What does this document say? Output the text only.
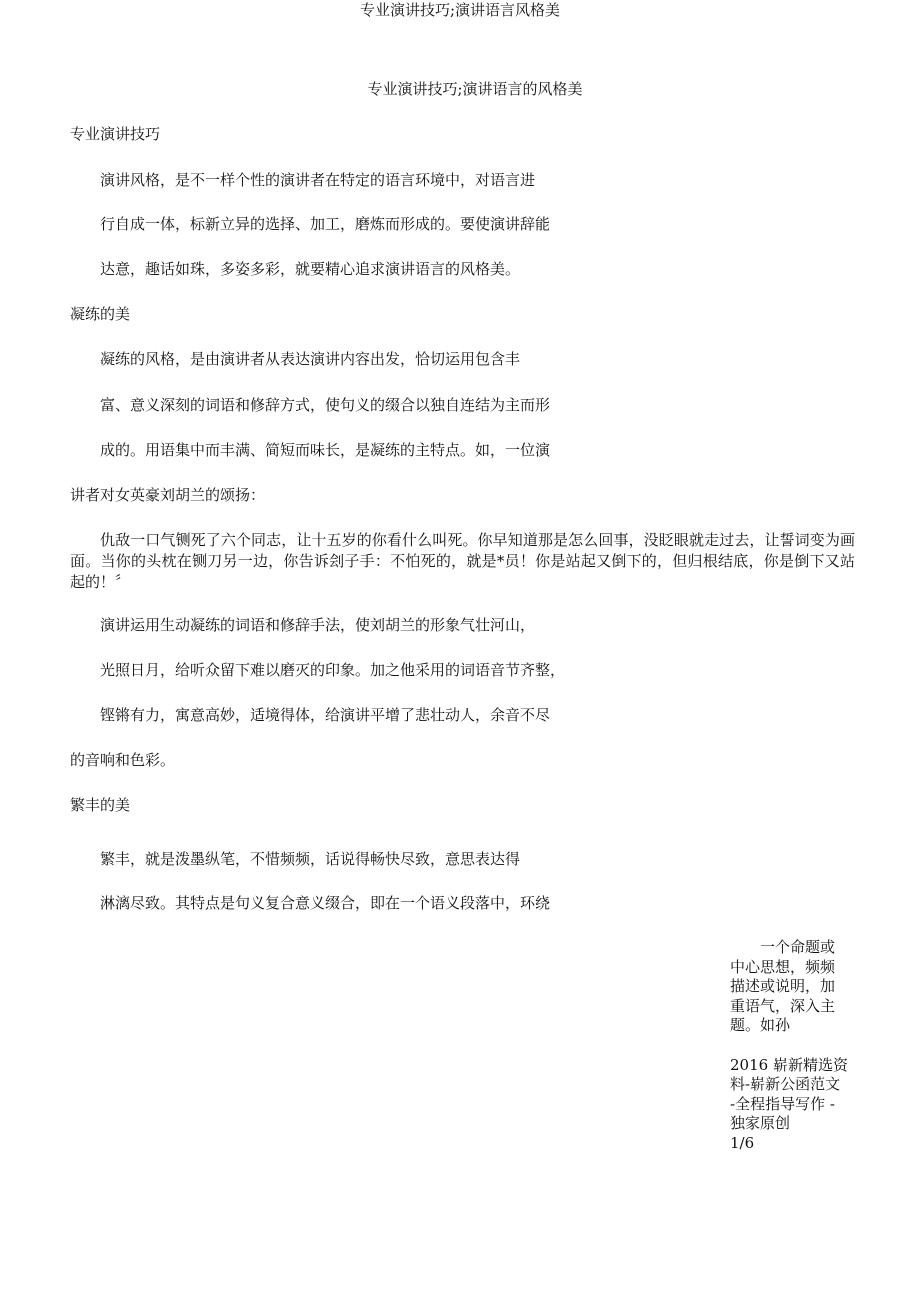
专业演讲技巧;演讲语言风格美
专业演讲技巧;演讲语言的风格美
专业演讲技巧
演讲风格，是不一样个性的演讲者在特定的语言环境中，对语言进
行自成一体，标新立异的选择、加工，磨炼而形成的。要使演讲辞能
达意，趣话如珠，多姿多彩，就要精心追求演讲语言的风格美。
凝练的美
凝练的风格，是由演讲者从表达演讲内容出发，恰切运用包含丰
富、意义深刻的词语和修辞方式，使句义的缀合以独自连结为主而形
成的。用语集中而丰满、简短而味长，是凝练的主特点。如，一位演
讲者对女英豪刘胡兰的颂扬：
仇敌一口气铡死了六个同志，让十五岁的你看什么叫死。你早知道那是怎么回事，没眨眼就走过去，让誓词变为画面。当你的头枕在铡刀另一边，你告诉刽子手：不怕死的，就是*员！你是站起又倒下的，但归根结底，你是倒下又站起的！〞
演讲运用生动凝练的词语和修辞手法，使刘胡兰的形象气壮河山，
光照日月，给听众留下难以磨灭的印象。加之他采用的词语音节齐整，
铿锵有力，寓意高妙，适境得体，给演讲平增了悲壮动人，余音不尽
的音响和色彩。
繁丰的美
繁丰，就是泼墨纵笔，不惜频频，话说得畅快尽致，意思表达得
淋漓尽致。其特点是句义复合意义缀合，即在一个语义段落中，环绕
　　一个命题或
中心思想，频频
描述或说明，加
重语气，深入主
题。如孙
2016 崭新精选资
料-崭新公函范文
-全程指导写作 -
独家原创
1/6
